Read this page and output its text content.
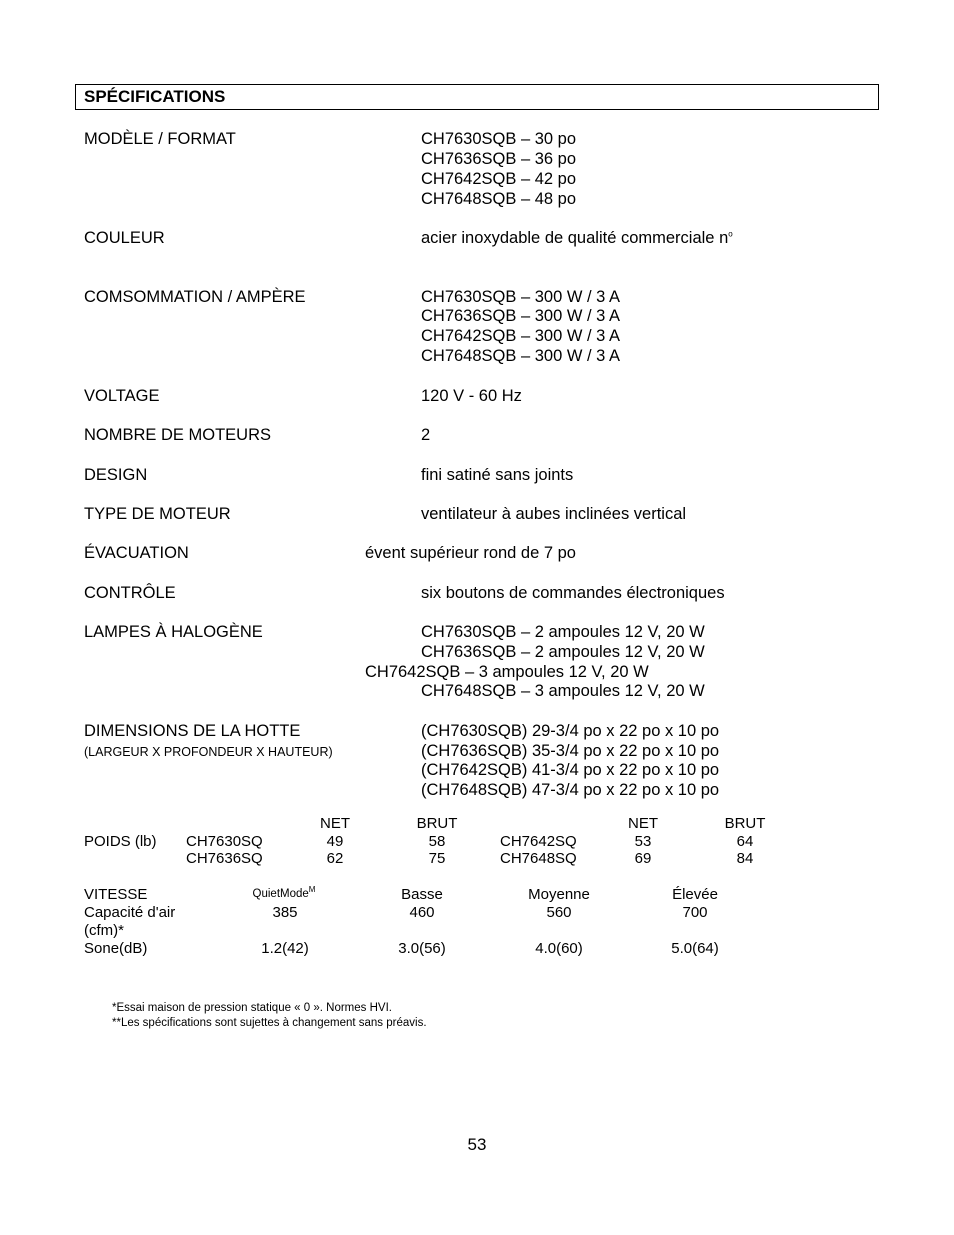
SPÉCIFICATIONS
MODÈLE / FORMAT	CH7630SQB – 30 po
CH7636SQB – 36 po
CH7642SQB – 42 po
CH7648SQB – 48 po
COULEUR	acier inoxydable de qualité commerciale $n^o$
COMSOMMATION / AMPÈRE	CH7630SQB – 300 W / 3 A
CH7636SQB – 300 W / 3 A
CH7642SQB – 300 W / 3 A
CH7648SQB – 300 W / 3 A
VOLTAGE	120 V - 60 Hz
NOMBRE DE MOTEURS	2
DESIGN	fini satiné sans joints
TYPE DE MOTEUR	ventilateur à aubes inclinées vertical
ÉVACUATION	évent supérieur rond de 7 po
CONTRÔLE	six boutons de commandes électroniques
LAMPES À HALOGÈNE	CH7630SQB – 2 ampoules 12 V, 20 W
CH7636SQB – 2 ampoules 12 V, 20 W
CH7642SQB – 3 ampoules 12 V, 20 W
CH7648SQB – 3 ampoules 12 V, 20 W
DIMENSIONS DE LA HOTTE
(LARGEUR X PROFONDEUR X HAUTEUR)
(CH7630SQB) 29-3/4 po x 22 po x 10 po
(CH7636SQB) 35-3/4 po x 22 po x 10 po
(CH7642SQB) 41-3/4 po x 22 po x 10 po
(CH7648SQB) 47-3/4 po x 22 po x 10 po
NET	BRUT	NET	BRUT
POIDS (lb) CH7630SQ	49	58
CH7636SQ	62	75
CH7642SQ	53	64
CH7648SQ	69	84
VITESSE	QuietMode$^M$	Basse	Moyenne	Élevée
Capacité d'air
(cfm)*
385	460	560	700
Sone(dB)	1.2(42)	3.0(56)	4.0(60)	5.0(64)
*Essai maison de pression statique « 0 ». Normes HVI.
**Les spécifications sont sujettes à changement sans préavis.
53
